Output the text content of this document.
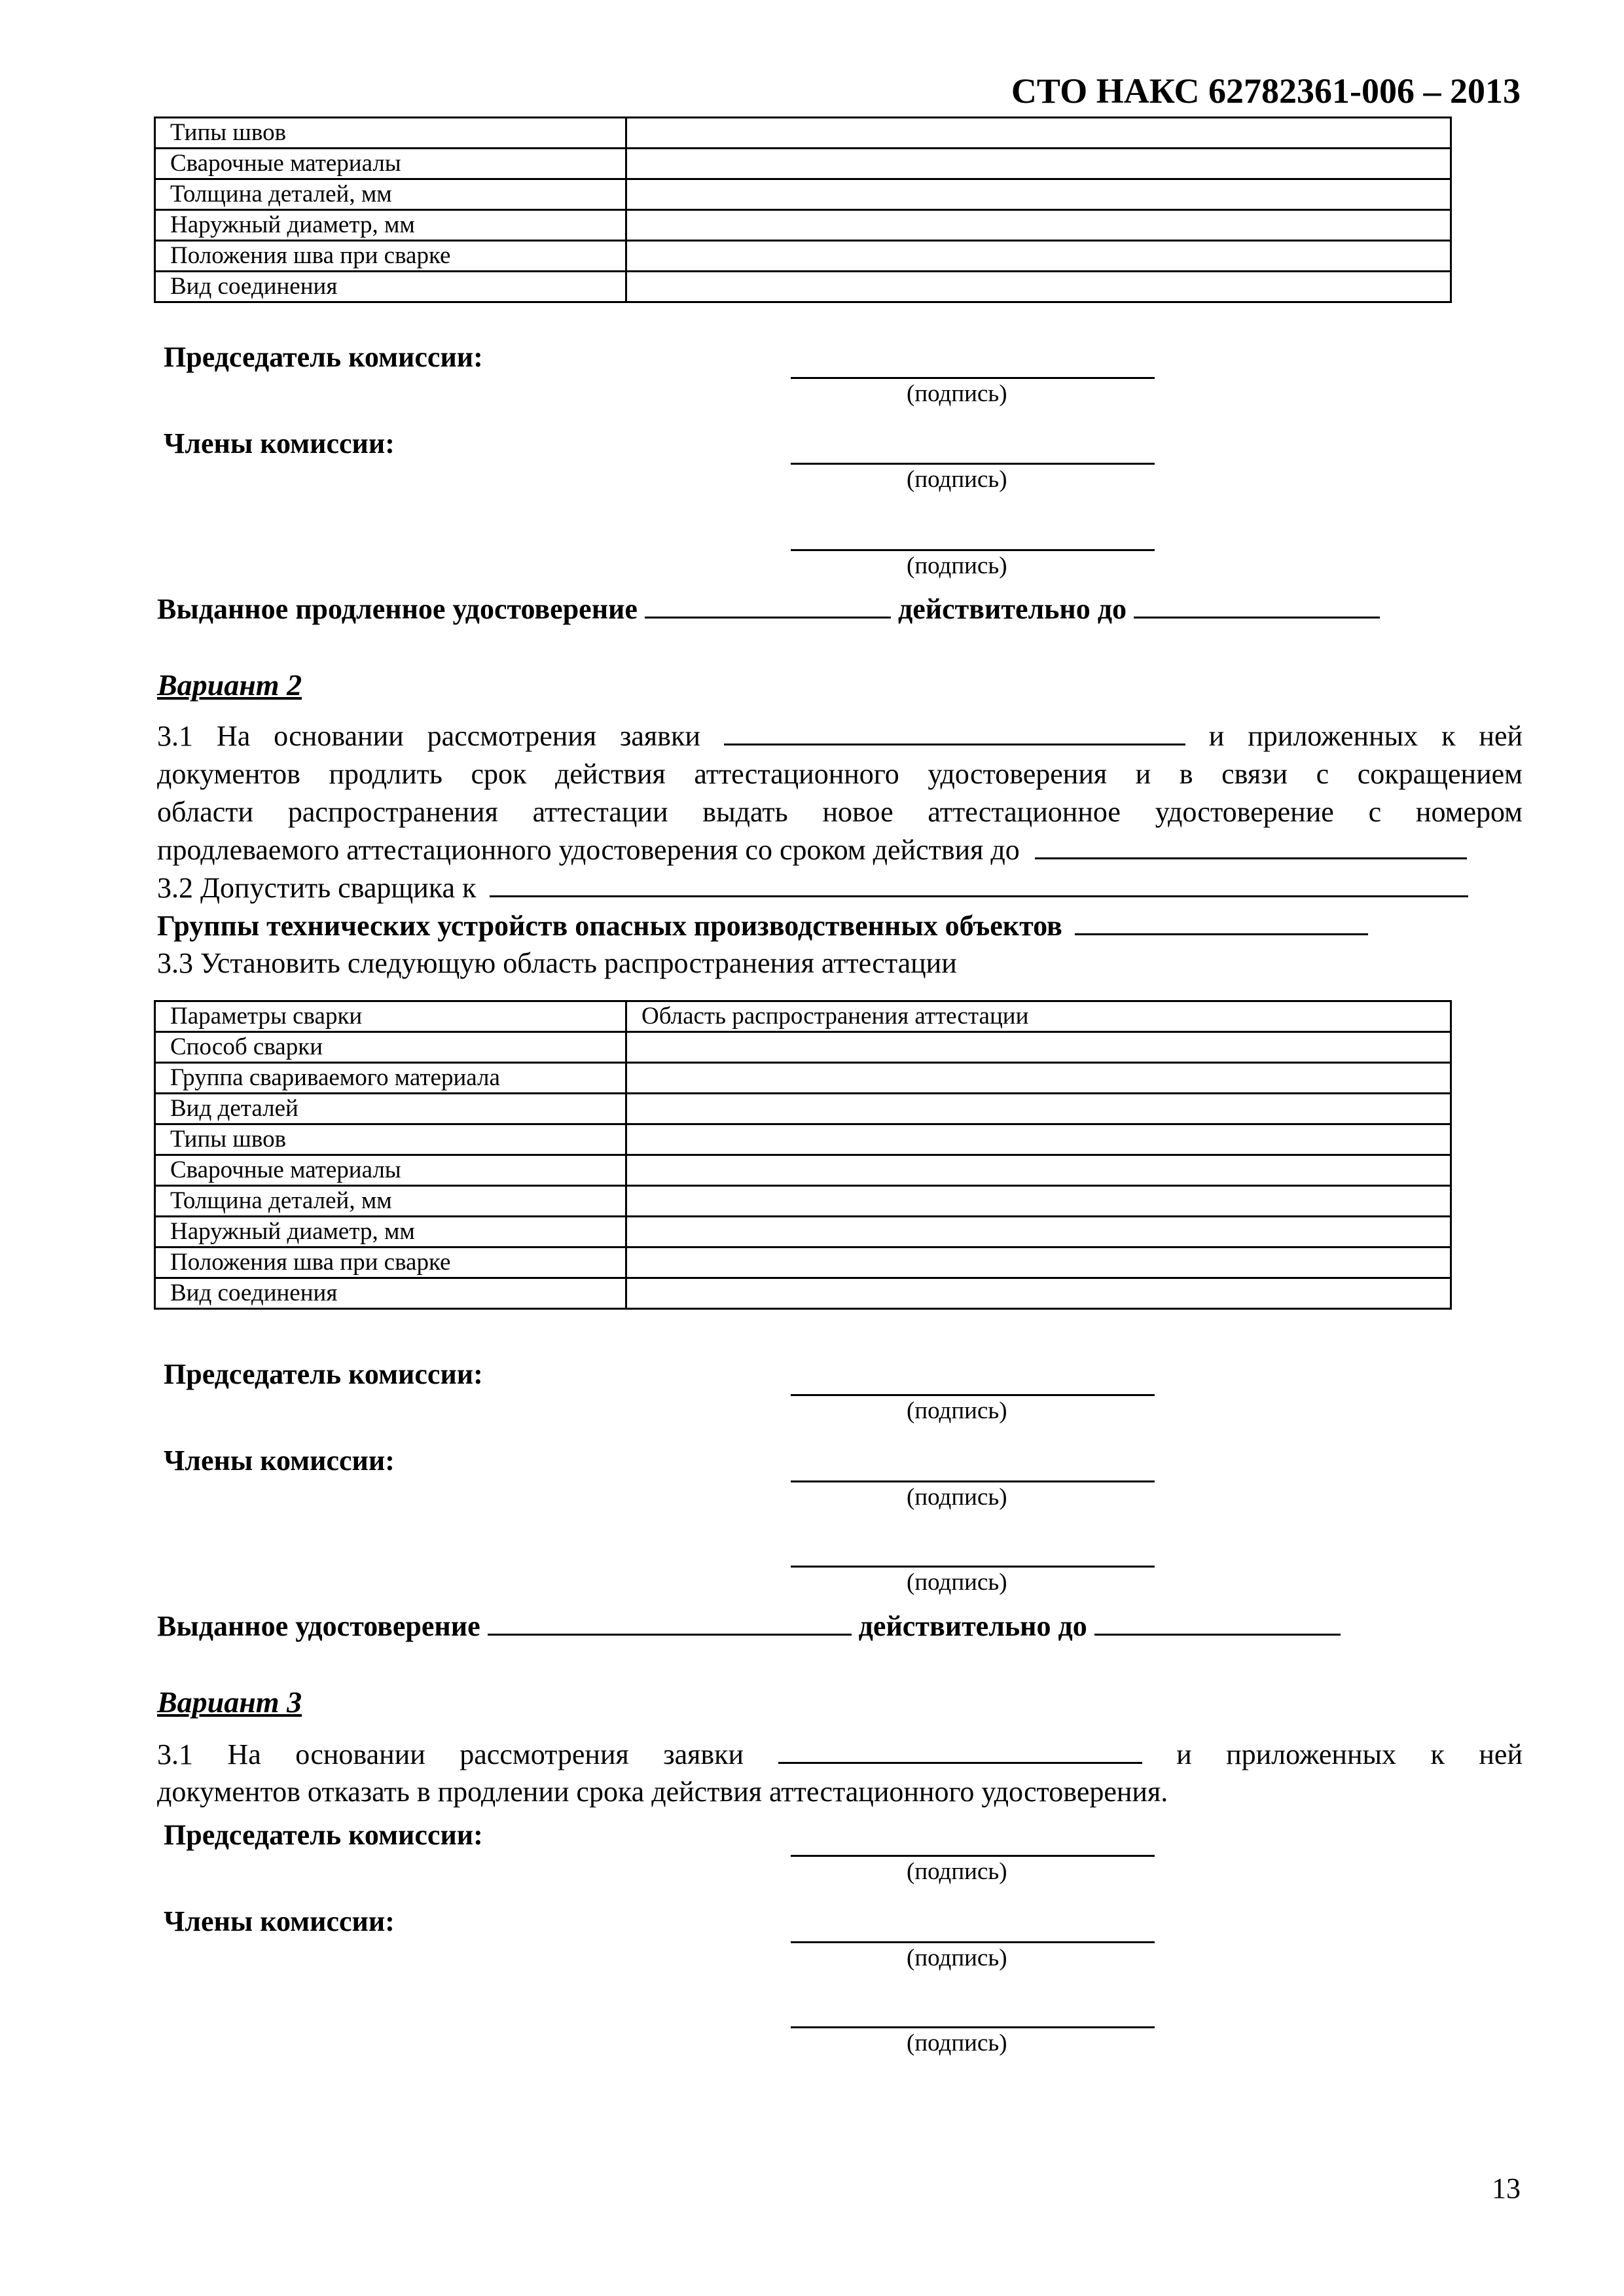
СТО НАКС 62782361-006 – 2013
Типы швов	
Сварочные материалы	
Толщина деталей, мм	
Наружный диаметр, мм	
Положения шва при сварке	
Вид соединения	
Председатель комиссии:
(подпись)
Члены комиссии:
(подпись)
(подпись)
Выданное продленное удостоверение	действительно до
Вариант 2
3.1 На основании рассмотрения заявки	и приложенных к ней
документов продлить срок действия аттестационного удостоверения и в связи с сокращением
области распространения аттестации выдать новое аттестационное удостоверение с номером
продлеваемого аттестационного удостоверения со сроком действия до
3.2 Допустить сварщика к
Группы технических устройств опасных производственных объектов
3.3 Установить следующую область распространения аттестации
Параметры сварки	Область распространения аттестации
Способ сварки	
Группа свариваемого материала	
Вид деталей	
Типы швов	
Сварочные материалы	
Толщина деталей, мм	
Наружный диаметр, мм	
Положения шва при сварке	
Вид соединения	
Председатель комиссии:
(подпись)
Члены комиссии:
(подпись)
(подпись)
Выданное удостоверение	действительно до
Вариант 3
3.1 На основании рассмотрения заявки	и приложенных к ней
документов отказать в продлении срока действия аттестационного удостоверения.
Председатель комиссии:
(подпись)
Члены комиссии:
(подпись)
(подпись)
13
